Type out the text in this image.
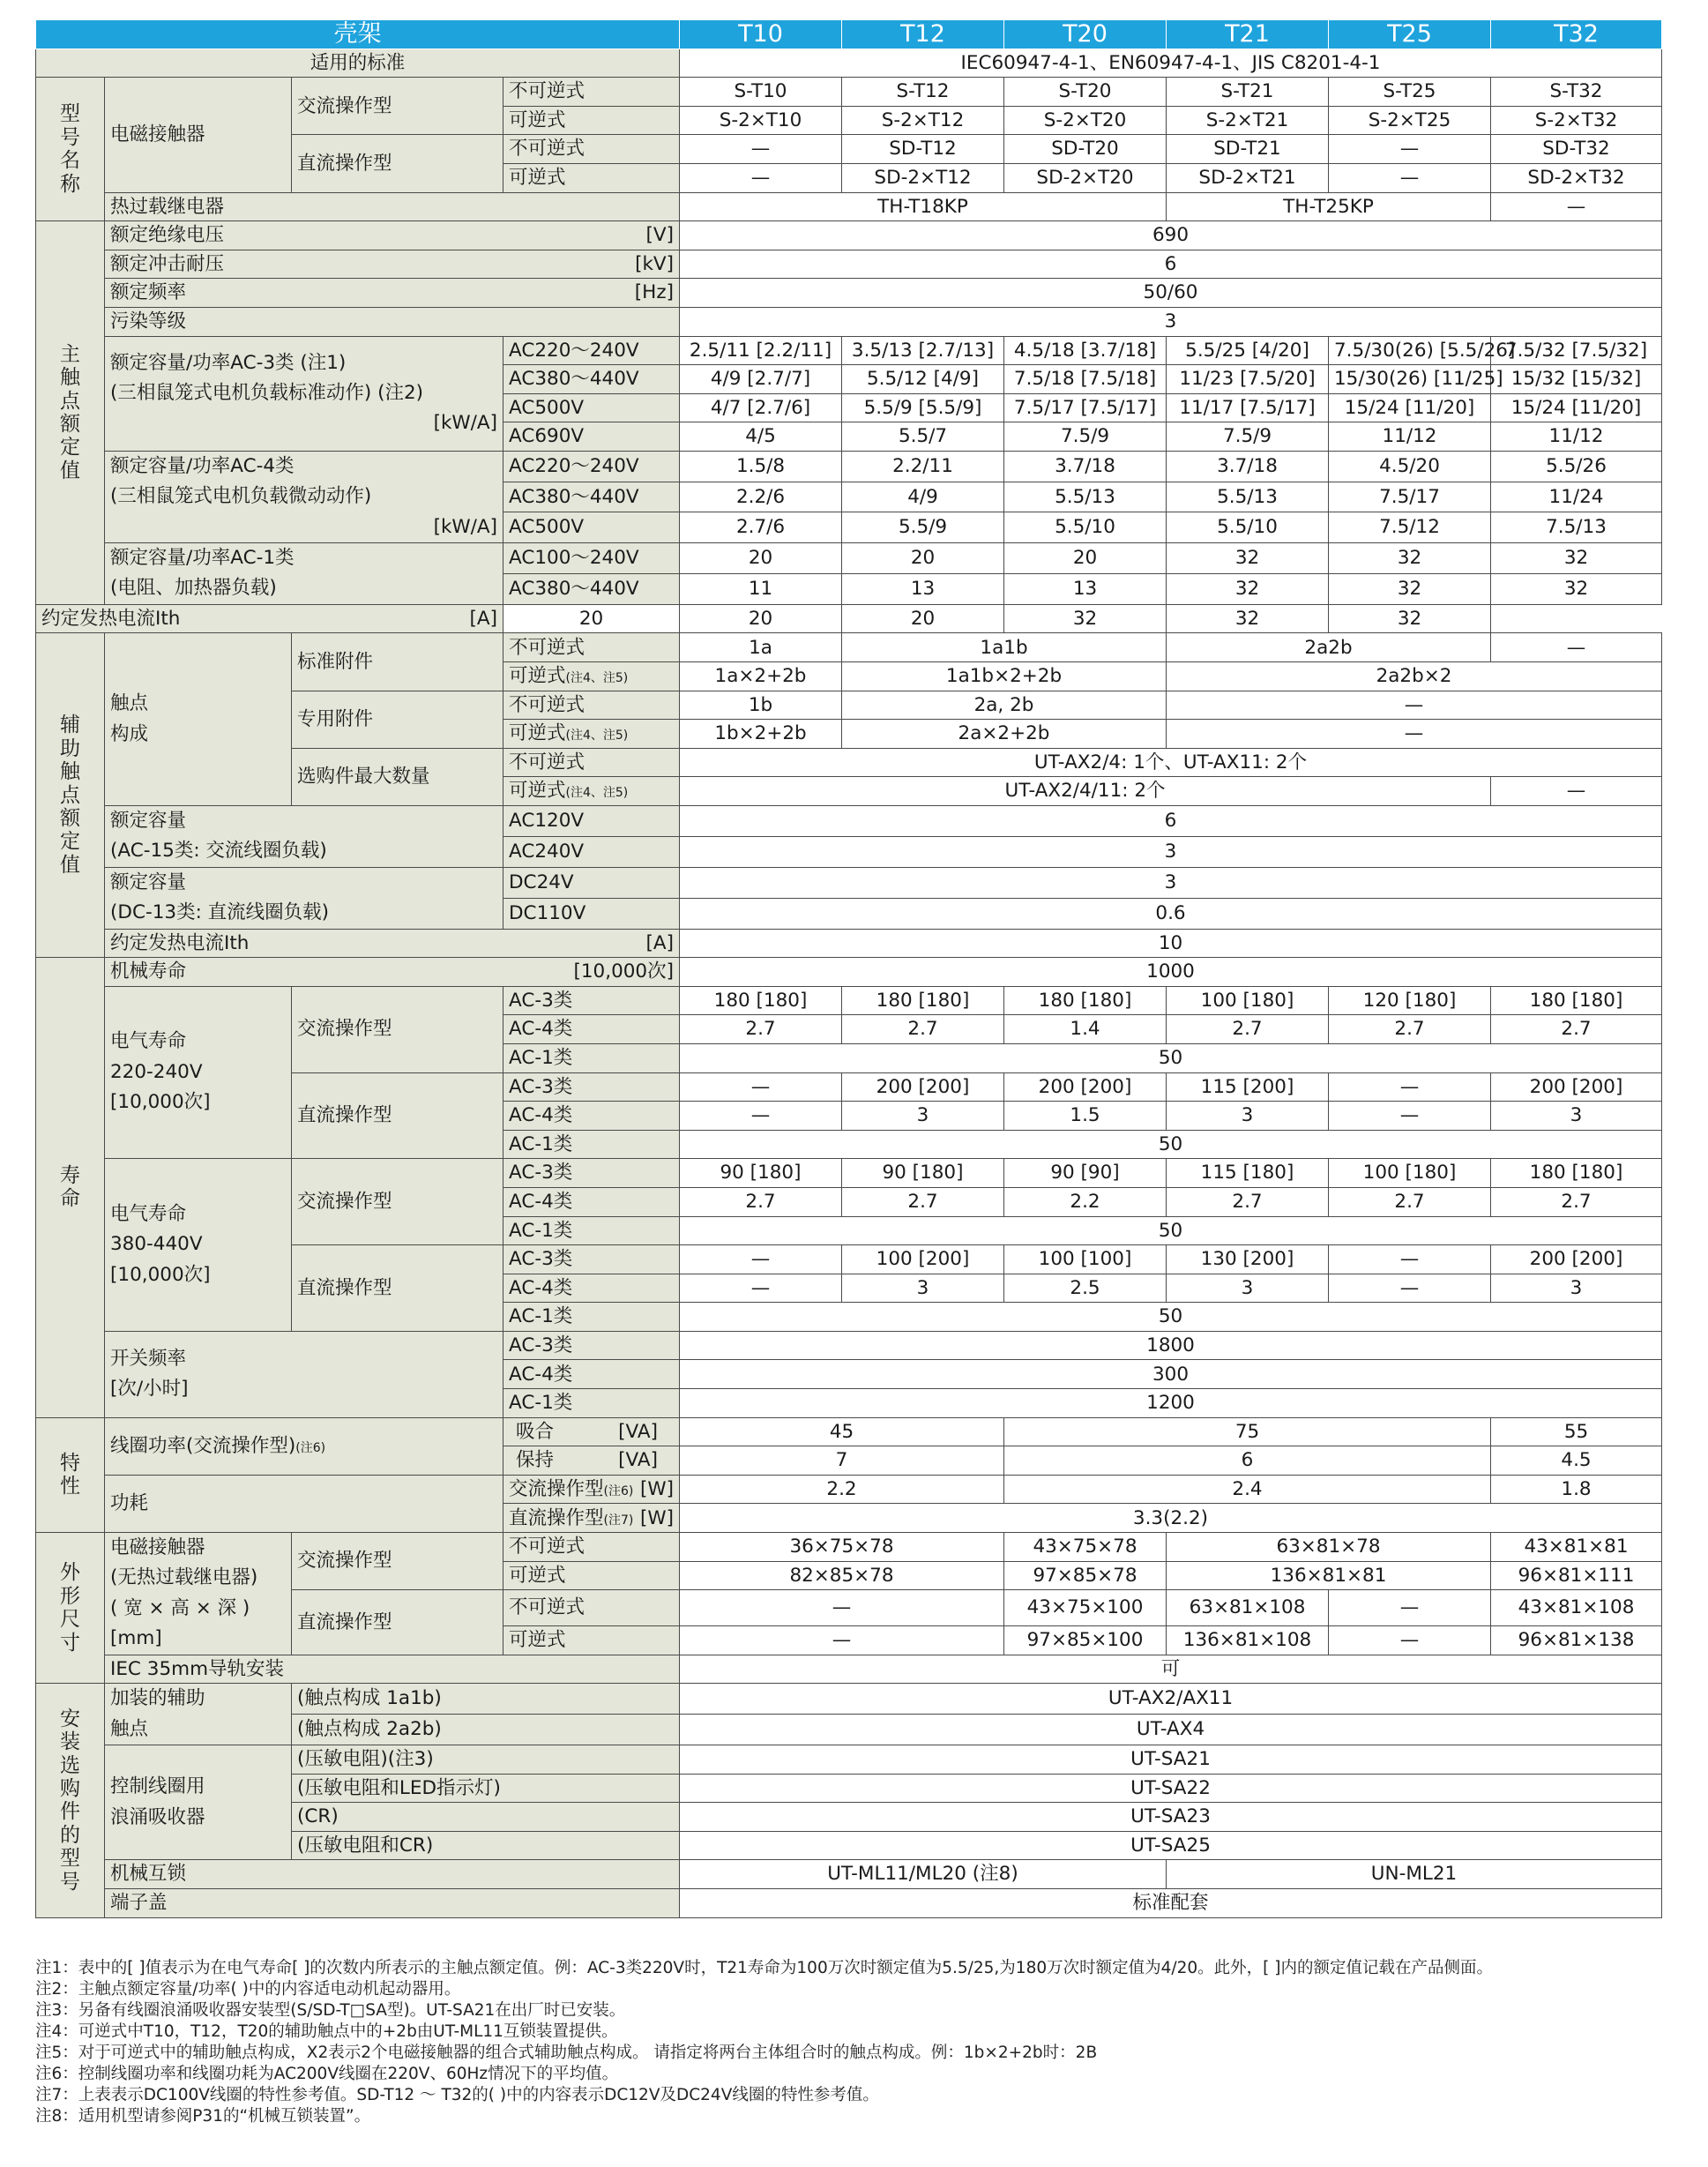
壳架				T10	T12	T20	T21	T25	T32
适用的标准				IEC60947-4-1、EN60947-4-1、JIS C8201-4-1					
型号名称	电磁接触器	交流操作型	不可逆式	S-T10	S-T12	S-T20	S-T21	S-T25	S-T32
			可逆式	S-2×T10	S-2×T12	S-2×T20	S-2×T21	S-2×T25	S-2×T32
		直流操作型	不可逆式	—	SD-T12	SD-T20	SD-T21	—	SD-T32
			可逆式	—	SD-2×T12	SD-2×T20	SD-2×T21	—	SD-2×T32
	热过载继电器			TH-T18KP			TH-T25KP		—
主触点额定值	额定绝缘电压 [V]			690					

	额定冲击耐压 [kV]			6					

	额定频率 [Hz]			50/60					
	污染等级			3					

	额定容量/功率AC-3类 (注1)
(三相鼠笼式电机负载标准动作) (注2)
[kW/A]		AC220～240V	2.5/11 [2.2/11]	3.5/13 [2.7/13]	4.5/18 [3.7/18]	5.5/25 [4/20]	7.5/30(26) [5.5/26]	7.5/32 [7.5/32]
			AC380～440V	4/9 [2.7/7]	5.5/12 [4/9]	7.5/18 [7.5/18]	11/23 [7.5/20]	15/30(26) [11/25]	15/32 [15/32]
			AC500V	4/7 [2.7/6]	5.5/9 [5.5/9]	7.5/17 [7.5/17]	11/17 [7.5/17]	15/24 [11/20]	15/24 [11/20]
			AC690V	4/5	5.5/7	7.5/9	7.5/9	11/12	11/12

	额定容量/功率AC-4类
(三相鼠笼式电机负载微动动作)
[kW/A]		AC220～240V	1.5/8	2.2/11	3.7/18	3.7/18	4.5/20	5.5/26
			AC380～440V	2.2/6	4/9	5.5/13	5.5/13	7.5/17	11/24
			AC500V	2.7/6	5.5/9	5.5/10	5.5/10	7.5/12	7.5/13

	额定容量/功率AC-1类
(电阻、加热器负载)		AC100～240V	20	20	20	32	32	32
			AC380～440V	11	13	13	32	32	32

约定发热电流Ith [A]			20	20	20	32	32	32	
辅助触点额定值	触点
构成	标准附件	不可逆式	1a	1a1b		2a2b		—
			可逆式(注4、注5)	1a×2+2b	1a1b×2+2b		2a2b×2		
		专用附件	不可逆式	1b	2a, 2b		—		
			可逆式(注4、注5)	1b×2+2b	2a×2+2b		—		
		选购件最大数量	不可逆式	UT-AX2/4: 1个、UT-AX11: 2个					
			可逆式(注4、注5)	UT-AX2/4/11: 2个					—

	额定容量
(AC-15类: 交流线圈负载)		AC120V	6					
			AC240V	3					

	额定容量
(DC-13类: 直流线圈负载)		DC24V	3					
			DC110V	0.6					

	约定发热电流Ith [A]			10					
寿命	机械寿命 [10,000次]			1000					

	电气寿命
220-240V
[10,000次]	交流操作型	AC-3类	180 [180]	180 [180]	180 [180]	100 [180]	120 [180]	180 [180]
			AC-4类	2.7	2.7	1.4	2.7	2.7	2.7
			AC-1类	50					
		直流操作型	AC-3类	—	200 [200]	200 [200]	115 [200]	—	200 [200]
			AC-4类	—	3	1.5	3	—	3
			AC-1类	50					

	电气寿命
380-440V
[10,000次]	交流操作型	AC-3类	90 [180]	90 [180]	90 [90]	115 [180]	100 [180]	180 [180]
			AC-4类	2.7	2.7	2.2	2.7	2.7	2.7
			AC-1类	50					
		直流操作型	AC-3类	—	100 [200]	100 [100]	130 [200]	—	200 [200]
			AC-4类	—	3	2.5	3	—	3
			AC-1类	50					

	开关频率
[次/小时]		AC-3类	1800					
			AC-4类	300					
			AC-1类	1200					
特性	线圈功率(交流操作型)(注6)		吸合 [VA]	45		75			55

			保持 [VA]	7		6			4.5
	功耗		交流操作型(注6) [W]	2.2		2.4			1.8

			直流操作型(注7) [W]	3.3(2.2)					
外形尺寸	电磁接触器
(无热过载继电器)
( 宽 × 高 × 深 )
[mm]	交流操作型	不可逆式	36×75×78		43×75×78	63×81×78		43×81×81
			可逆式	82×85×78		97×85×78	136×81×81		96×81×111
		直流操作型	不可逆式	—		43×75×100	63×81×108	—	43×81×108
			可逆式	—		97×85×100	136×81×108	—	96×81×138
	IEC 35mm导轨安装			可					
安装选购件的型号	加装的辅助
触点	(触点构成 1a1b)		UT-AX2/AX11					
		(触点构成 2a2b)		UT-AX4					

	控制线圈用
浪涌吸收器	(压敏电阻)(注3)		UT-SA21					
		(压敏电阻和LED指示灯)		UT-SA22					
		(CR)		UT-SA23					
		(压敏电阻和CR)		UT-SA25					
	机械互锁			UT-ML11/ML20 (注8)			UN-ML21		
	端子盖			标准配套					
注1：表中的[ ]值表示为在电气寿命[ ]的次数内所表示的主触点额定值。例：AC-3类220V时，T21寿命为100万次时额定值为5.5/25,为180万次时额定值为4/20。此外，[ ]内的额定值记载在产品侧面。
注2：主触点额定容量/功率( )中的内容适电动机起动器用。
注3：另备有线圈浪涌吸收器安装型(S/SD-T□SA型)。UT-SA21在出厂时已安装。
注4：可逆式中T10，T12，T20的辅助触点中的+2b由UT-ML11互锁装置提供。
注5：对于可逆式中的辅助触点构成，X2表示2个电磁接触器的组合式辅助触点构成。 请指定将两台主体组合时的触点构成。例：1b×2+2b时：2B
注6：控制线圈功率和线圈功耗为AC200V线圈在220V、60Hz情况下的平均值。
注7：上表表示DC100V线圈的特性参考值。SD-T12 ～ T32的( )中的内容表示DC12V及DC24V线圈的特性参考值。
注8：适用机型请参阅P31的“机械互锁装置”。
